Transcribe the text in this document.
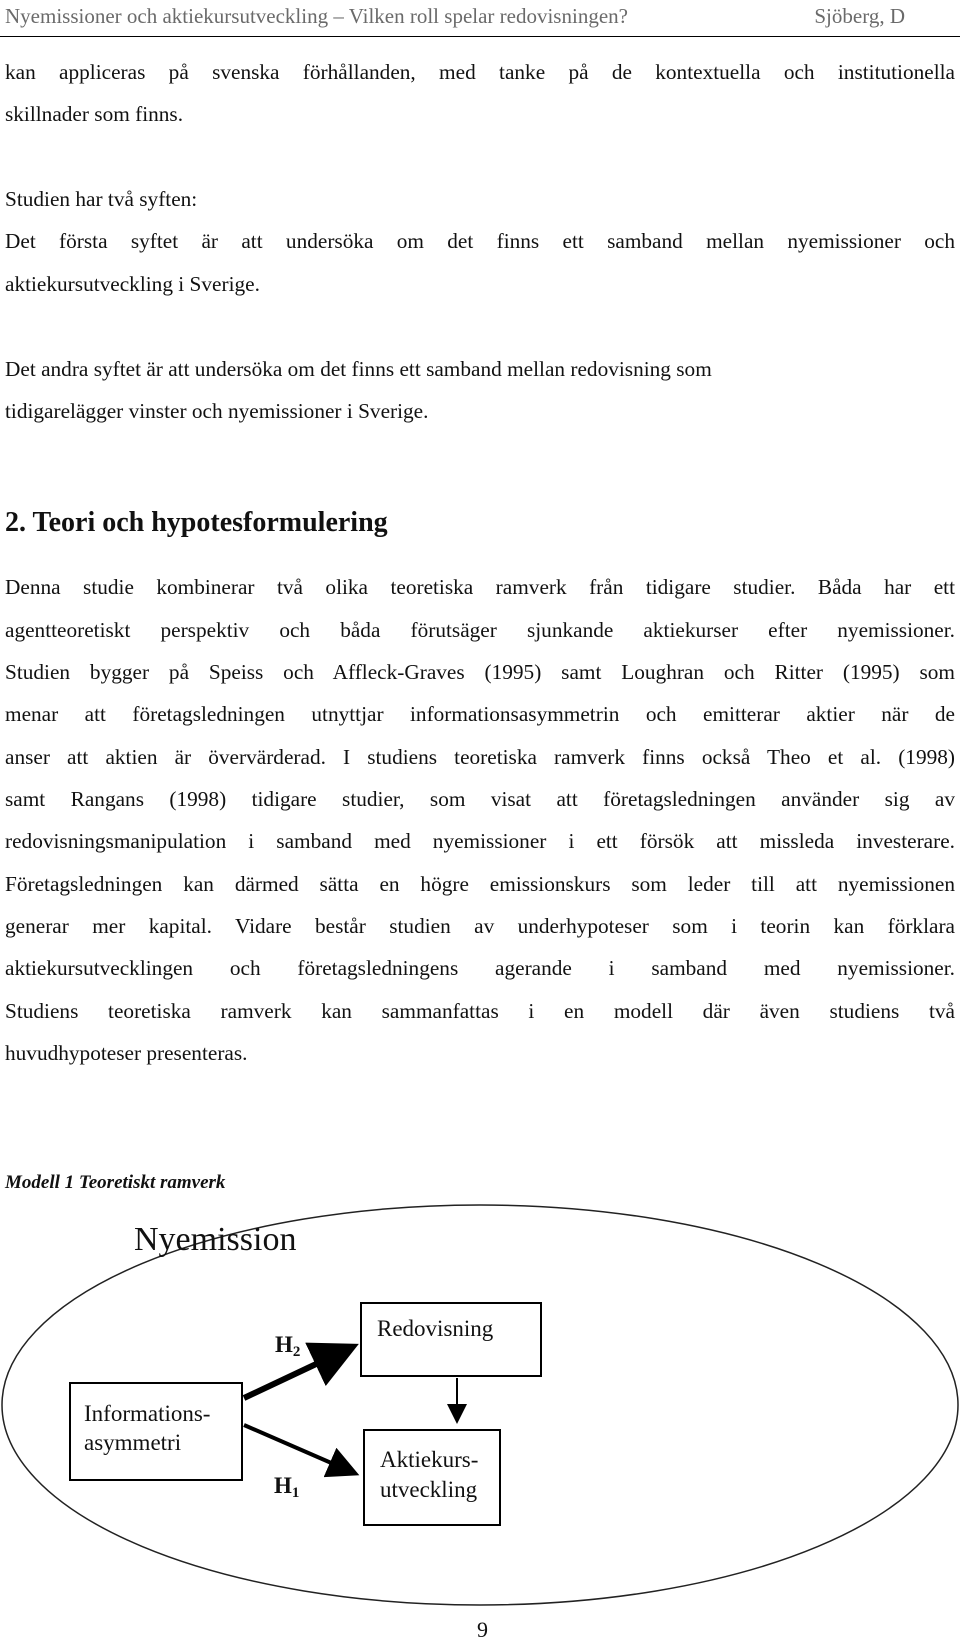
Nyemissioner och aktiekursutveckling – Vilken roll spelar redovisningen?	Sjöberg, D
kan appliceras på svenska förhållanden, med tanke på de kontextuella och institutionella
skillnader som finns.
Studien har två syften:
Det första syftet är att undersöka om det finns ett samband mellan nyemissioner och
aktiekursutveckling i Sverige.
Det andra syftet är att undersöka om det finns ett samband mellan redovisning som
tidigarelägger vinster och nyemissioner i Sverige.
2. Teori och hypotesformulering
Denna studie kombinerar två olika teoretiska ramverk från tidigare studier. Båda har ett
agentteoretiskt perspektiv och båda förutsäger sjunkande aktiekurser efter nyemissioner.
Studien bygger på Speiss och Affleck-Graves (1995) samt Loughran och Ritter (1995) som
menar att företagsledningen utnyttjar informationsasymmetrin och emitterar aktier när de
anser att aktien är övervärderad. I studiens teoretiska ramverk finns också Theo et al. (1998)
samt Rangans (1998) tidigare studier, som visat att företagsledningen använder sig av
redovisningsmanipulation i samband med nyemissioner i ett försök att missleda investerare.
Företagsledningen kan därmed sätta en högre emissionskurs som leder till att nyemissionen
generar mer kapital. Vidare består studien av underhypoteser som i teorin kan förklara
aktiekursutvecklingen och företagsledningens agerande i samband med nyemissioner.
Studiens teoretiska ramverk kan sammanfattas i en modell där även studiens två
huvudhypoteser presenteras.
Modell 1 Teoretiskt ramverk
Nyemission
Informations-
asymmetri
Redovisning
Aktiekurs-
utveckling
H2
H1
9
